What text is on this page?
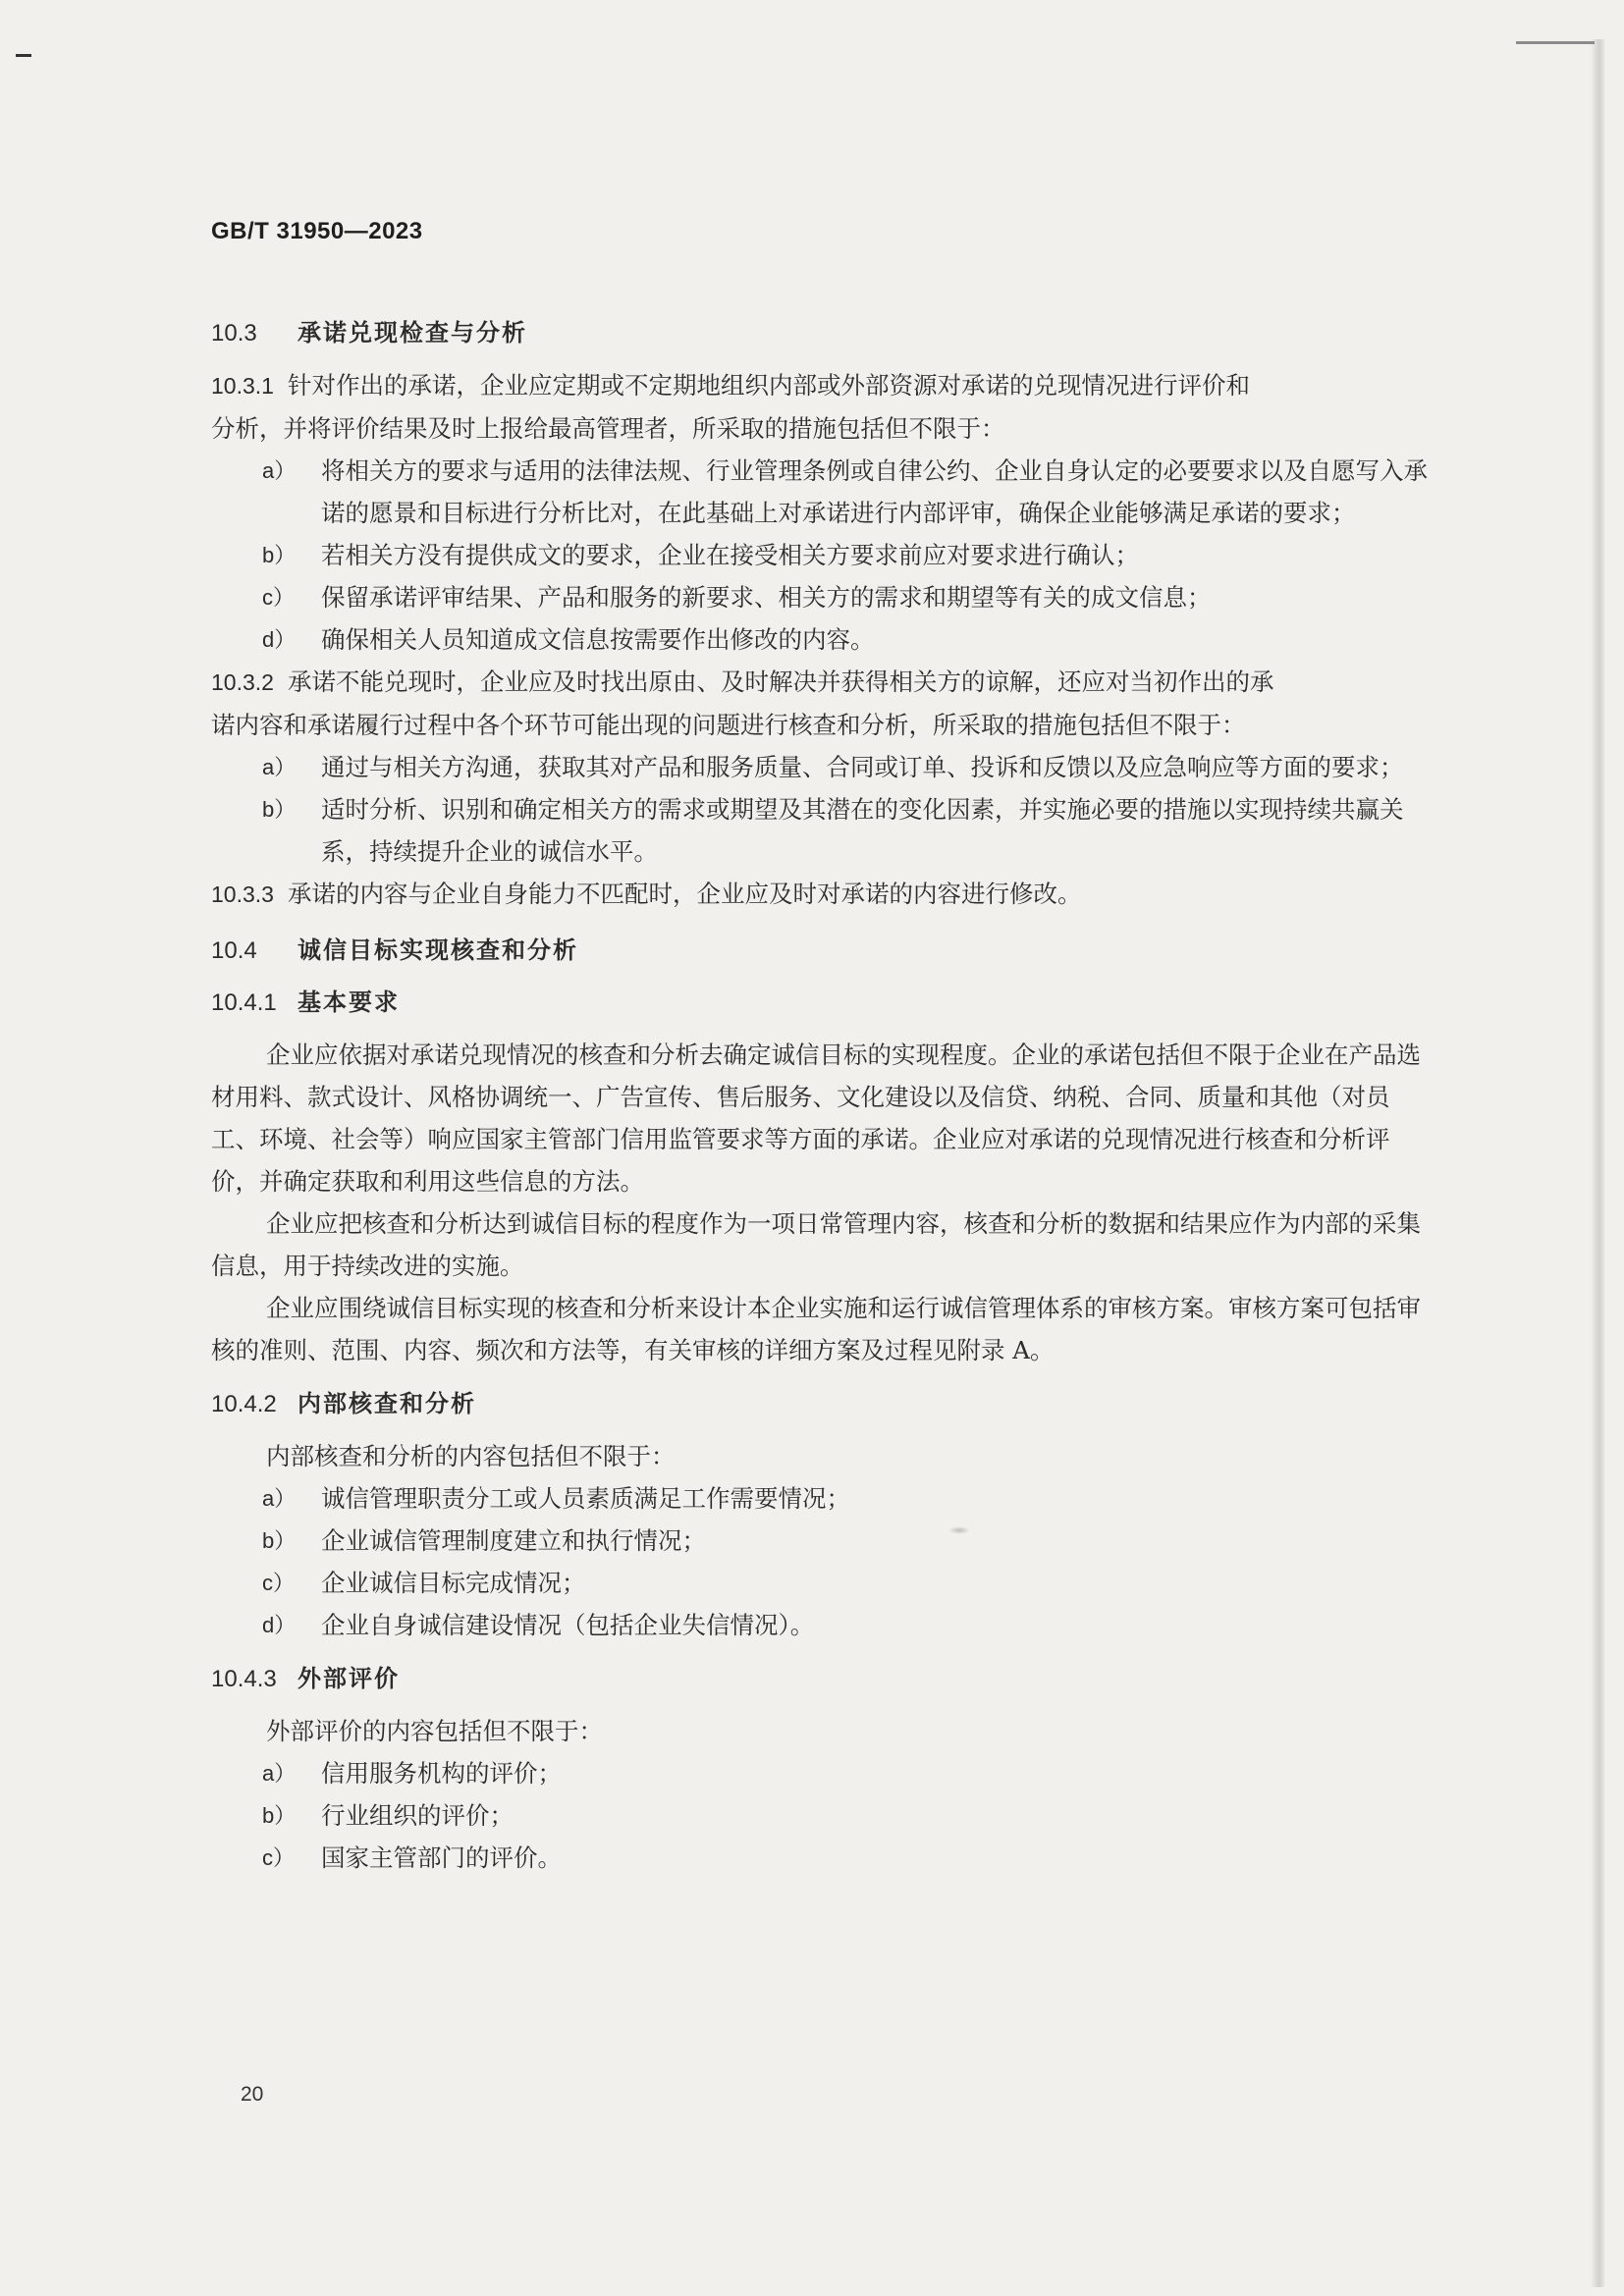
GB/T 31950—2023
10.3 承诺兑现检查与分析
10.3.1 针对作出的承诺，企业应定期或不定期地组织内部或外部资源对承诺的兑现情况进行评价和
分析，并将评价结果及时上报给最高管理者，所采取的措施包括但不限于：
a） 将相关方的要求与适用的法律法规、行业管理条例或自律公约、企业自身认定的必要要求以及自愿写入承诺的愿景和目标进行分析比对，在此基础上对承诺进行内部评审，确保企业能够满足承诺的要求；
b） 若相关方没有提供成文的要求，企业在接受相关方要求前应对要求进行确认；
c） 保留承诺评审结果、产品和服务的新要求、相关方的需求和期望等有关的成文信息；
d） 确保相关人员知道成文信息按需要作出修改的内容。
10.3.2 承诺不能兑现时，企业应及时找出原由、及时解决并获得相关方的谅解，还应对当初作出的承
诺内容和承诺履行过程中各个环节可能出现的问题进行核查和分析，所采取的措施包括但不限于：
a） 通过与相关方沟通，获取其对产品和服务质量、合同或订单、投诉和反馈以及应急响应等方面的要求；
b） 适时分析、识别和确定相关方的需求或期望及其潜在的变化因素，并实施必要的措施以实现持续共赢关系，持续提升企业的诚信水平。
10.3.3 承诺的内容与企业自身能力不匹配时，企业应及时对承诺的内容进行修改。
10.4 诚信目标实现核查和分析
10.4.1 基本要求
企业应依据对承诺兑现情况的核查和分析去确定诚信目标的实现程度。企业的承诺包括但不限于企业在产品选材用料、款式设计、风格协调统一、广告宣传、售后服务、文化建设以及信贷、纳税、合同、质量和其他（对员工、环境、社会等）响应国家主管部门信用监管要求等方面的承诺。企业应对承诺的兑现情况进行核查和分析评价，并确定获取和利用这些信息的方法。
企业应把核查和分析达到诚信目标的程度作为一项日常管理内容，核查和分析的数据和结果应作为内部的采集信息，用于持续改进的实施。
企业应围绕诚信目标实现的核查和分析来设计本企业实施和运行诚信管理体系的审核方案。审核方案可包括审核的准则、范围、内容、频次和方法等，有关审核的详细方案及过程见附录 A。
10.4.2 内部核查和分析
内部核查和分析的内容包括但不限于：
a） 诚信管理职责分工或人员素质满足工作需要情况；
b） 企业诚信管理制度建立和执行情况；
c） 企业诚信目标完成情况；
d） 企业自身诚信建设情况（包括企业失信情况）。
10.4.3 外部评价
外部评价的内容包括但不限于：
a） 信用服务机构的评价；
b） 行业组织的评价；
c） 国家主管部门的评价。
20
